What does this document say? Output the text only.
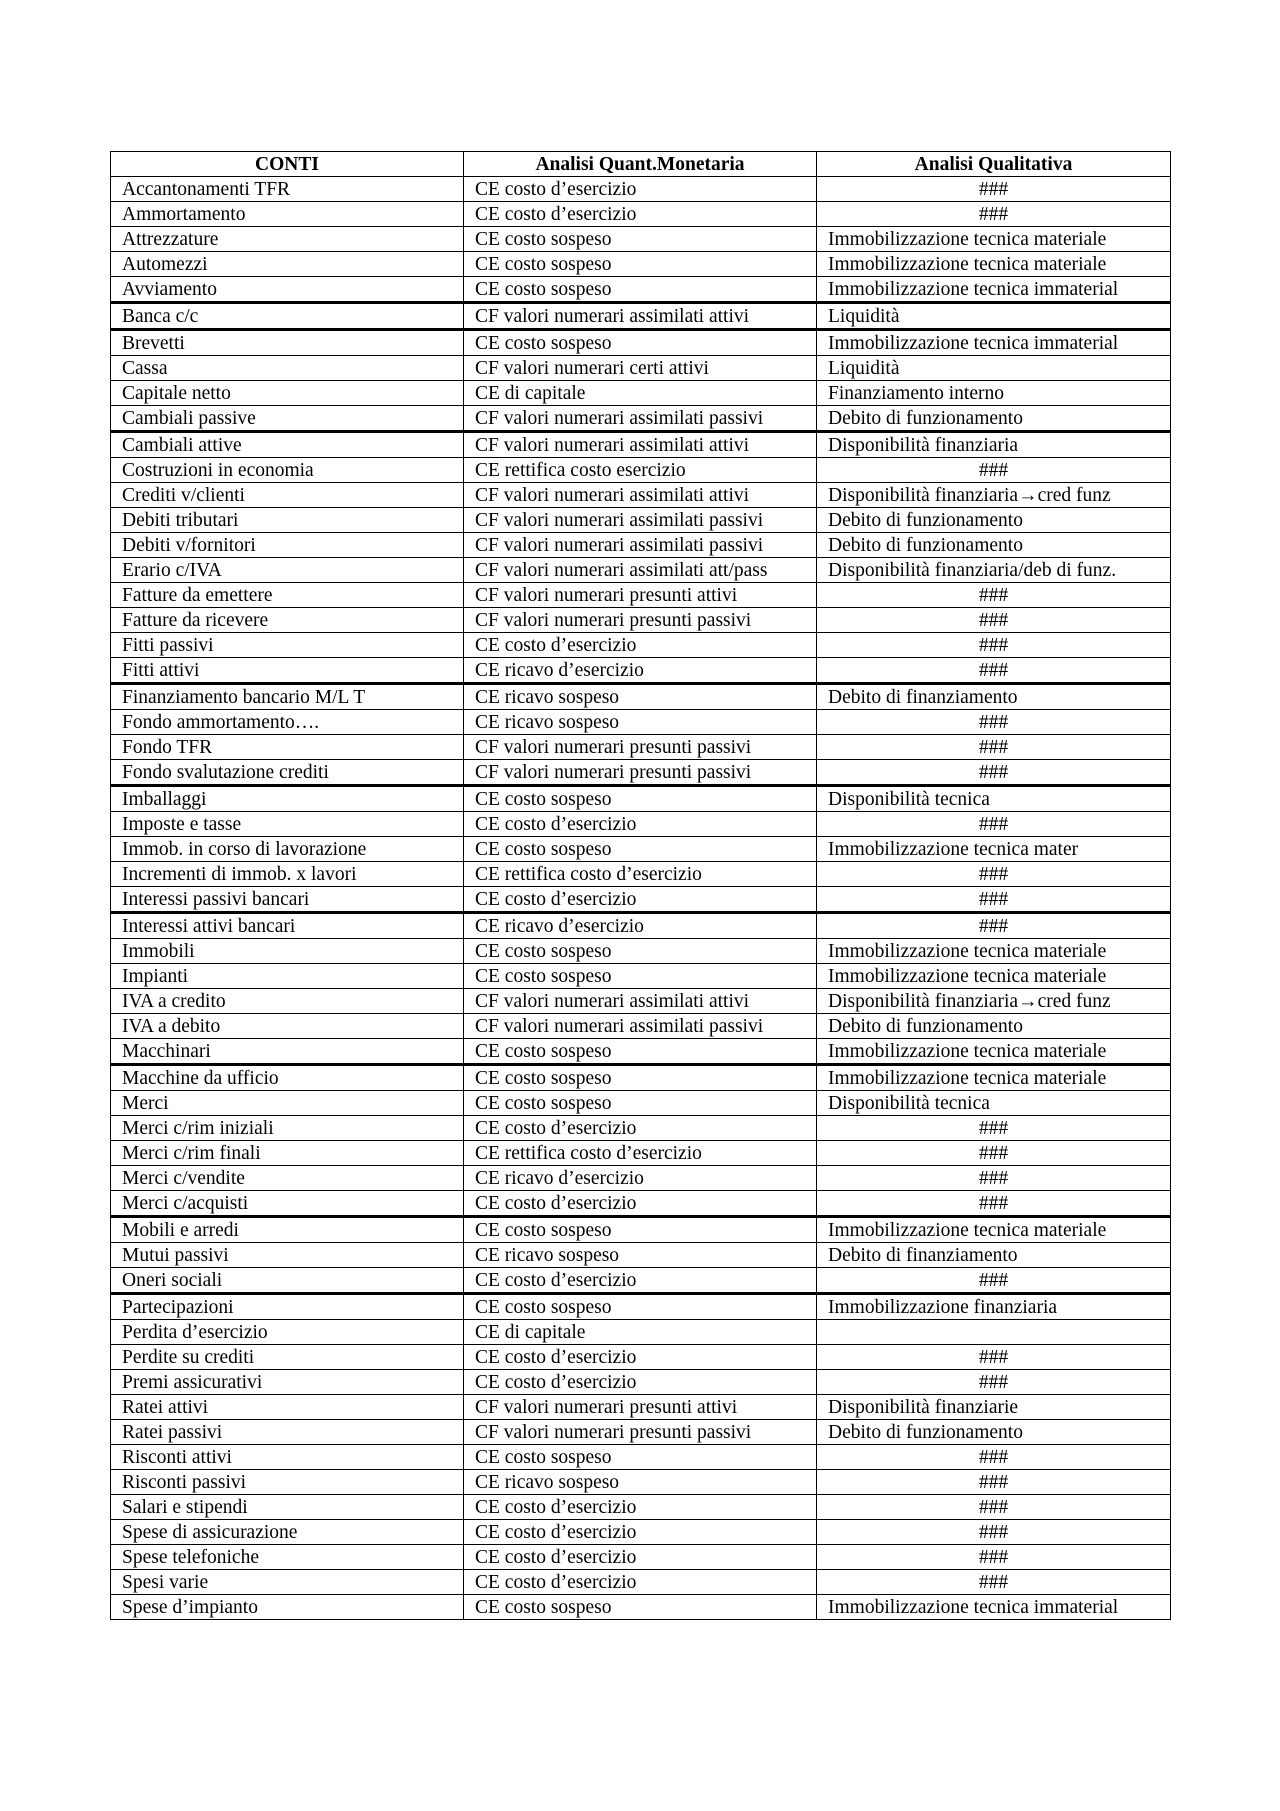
CONTI	Analisi Quant.Monetaria	Analisi Qualitativa
Accantonamenti TFR	CE costo d’esercizio	###
Ammortamento	CE costo d’esercizio	###
Attrezzature	CE costo sospeso	Immobilizzazione tecnica materiale
Automezzi	CE costo sospeso	Immobilizzazione tecnica materiale
Avviamento	CE costo sospeso	Immobilizzazione tecnica immaterial
Banca c/c	CF valori numerari assimilati attivi	Liquidità
Brevetti	CE costo sospeso	Immobilizzazione tecnica immaterial
Cassa	CF valori numerari certi attivi	Liquidità
Capitale netto	CE di capitale	Finanziamento interno
Cambiali passive	CF valori numerari assimilati passivi	Debito di funzionamento
Cambiali attive	CF valori numerari assimilati attivi	Disponibilità finanziaria
Costruzioni in economia	CE rettifica costo esercizio	###
Crediti v/clienti	CF valori numerari assimilati attivi	Disponibilità finanziaria→cred funz
Debiti tributari	CF valori numerari assimilati passivi	Debito di funzionamento
Debiti v/fornitori	CF valori numerari assimilati passivi	Debito di funzionamento
Erario c/IVA	CF valori numerari assimilati att/pass	Disponibilità finanziaria/deb di funz.
Fatture da emettere	CF valori numerari presunti attivi	###
Fatture da ricevere	CF valori numerari presunti passivi	###
Fitti passivi	CE costo d’esercizio	###
Fitti attivi	CE ricavo d’esercizio	###
Finanziamento bancario M/L T	CE ricavo sospeso	Debito di finanziamento
Fondo ammortamento….	CE ricavo sospeso	###
Fondo TFR	CF valori numerari presunti passivi	###
Fondo svalutazione crediti	CF valori numerari presunti passivi	###
Imballaggi	CE costo sospeso	Disponibilità tecnica
Imposte e tasse	CE costo d’esercizio	###
Immob. in corso di lavorazione	CE costo sospeso	Immobilizzazione tecnica mater
Incrementi di immob. x lavori	CE rettifica costo d’esercizio	###
Interessi passivi bancari	CE costo d’esercizio	###
Interessi attivi bancari	CE ricavo d’esercizio	###
Immobili	CE costo sospeso	Immobilizzazione tecnica materiale
Impianti	CE costo sospeso	Immobilizzazione tecnica materiale
IVA a credito	CF valori numerari assimilati attivi	Disponibilità finanziaria→cred funz
IVA a debito	CF valori numerari assimilati passivi	Debito di funzionamento
Macchinari	CE costo sospeso	Immobilizzazione tecnica materiale
Macchine da ufficio	CE costo sospeso	Immobilizzazione tecnica materiale
Merci	CE costo sospeso	Disponibilità tecnica
Merci c/rim iniziali	CE costo d’esercizio	###
Merci c/rim finali	CE rettifica costo d’esercizio	###
Merci c/vendite	CE ricavo d’esercizio	###
Merci c/acquisti	CE costo d’esercizio	###
Mobili e arredi	CE costo sospeso	Immobilizzazione tecnica materiale
Mutui passivi	CE ricavo sospeso	Debito di finanziamento
Oneri sociali	CE costo d’esercizio	###
Partecipazioni	CE costo sospeso	Immobilizzazione finanziaria
Perdita d’esercizio	CE di capitale	
Perdite su crediti	CE costo d’esercizio	###
Premi assicurativi	CE costo d’esercizio	###
Ratei attivi	CF valori numerari presunti attivi	Disponibilità finanziarie
Ratei passivi	CF valori numerari presunti passivi	Debito di funzionamento
Risconti attivi	CE costo sospeso	###
Risconti passivi	CE ricavo sospeso	###
Salari e stipendi	CE costo d’esercizio	###
Spese di assicurazione	CE costo d’esercizio	###
Spese telefoniche	CE costo d’esercizio	###
Spesi varie	CE costo d’esercizio	###
Spese d’impianto	CE costo sospeso	Immobilizzazione tecnica immaterial
